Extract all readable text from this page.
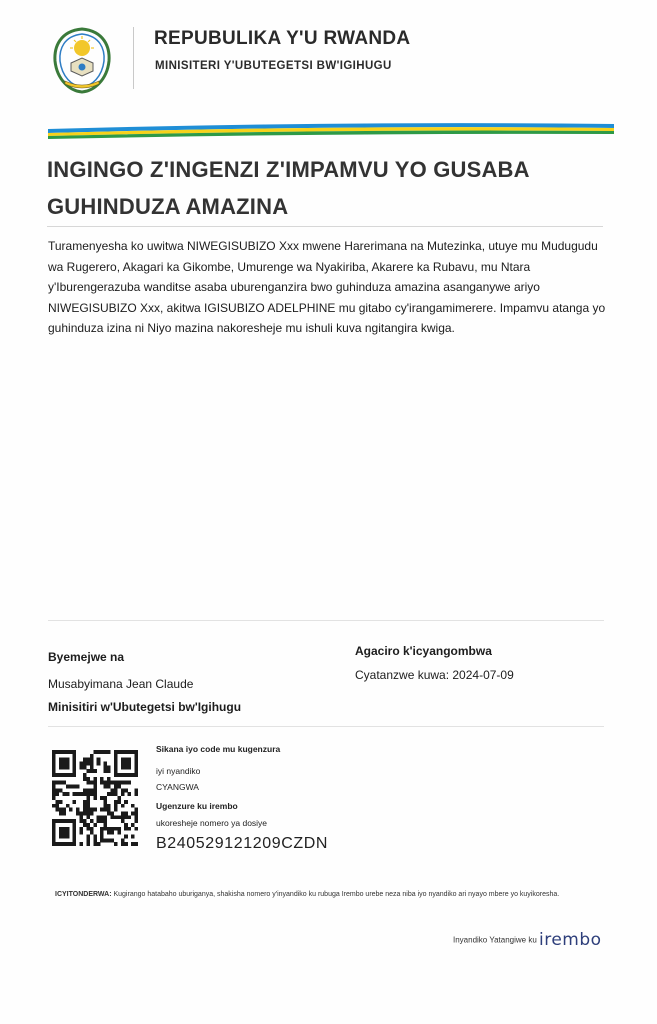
REPUBULIKA Y'U RWANDA
MINISITERI Y'UBUTEGETSI BW'IGIHUGU
INGINGO Z'INGENZI Z'IMPAMVU YO GUSABA GUHINDUZA AMAZINA
Turamenyesha ko uwitwa NIWEGISUBIZO Xxx mwene Harerimana na Mutezinka, utuye mu Mudugudu wa Rugerero, Akagari ka Gikombe, Umurenge wa Nyakiriba, Akarere ka Rubavu, mu Ntara y'Iburengerazuba wanditse asaba uburenganzira bwo guhinduza amazina asanganywe ariyo NIWEGISUBIZO Xxx, akitwa IGISUBIZO ADELPHINE mu gitabo cy'irangamimerere. Impamvu atanga yo guhinduza izina ni Niyo mazina nakoresheje mu ishuli kuva ngitangira kwiga.
Byemejwe na
Musabyimana Jean Claude
Minisitiri w'Ubutegetsi bw'Igihugu
Agaciro k'icyangombwa
Cyatanzwe kuwa: 2024-07-09
Sikana iyo code mu kugenzura
iyi nyandiko
CYANGWA
Ugenzure ku irembo
ukoresheje nomero ya dosiye
B240529121209CZDN
ICYITONDERWA: Kugirango hatabaho uburiganya, shakisha nomero y'inyandiko ku rubuga Irembo urebe neza niba iyo nyandiko ari nyayo mbere yo kuyikoresha.
Inyandiko Yatangiwe ku irembo
